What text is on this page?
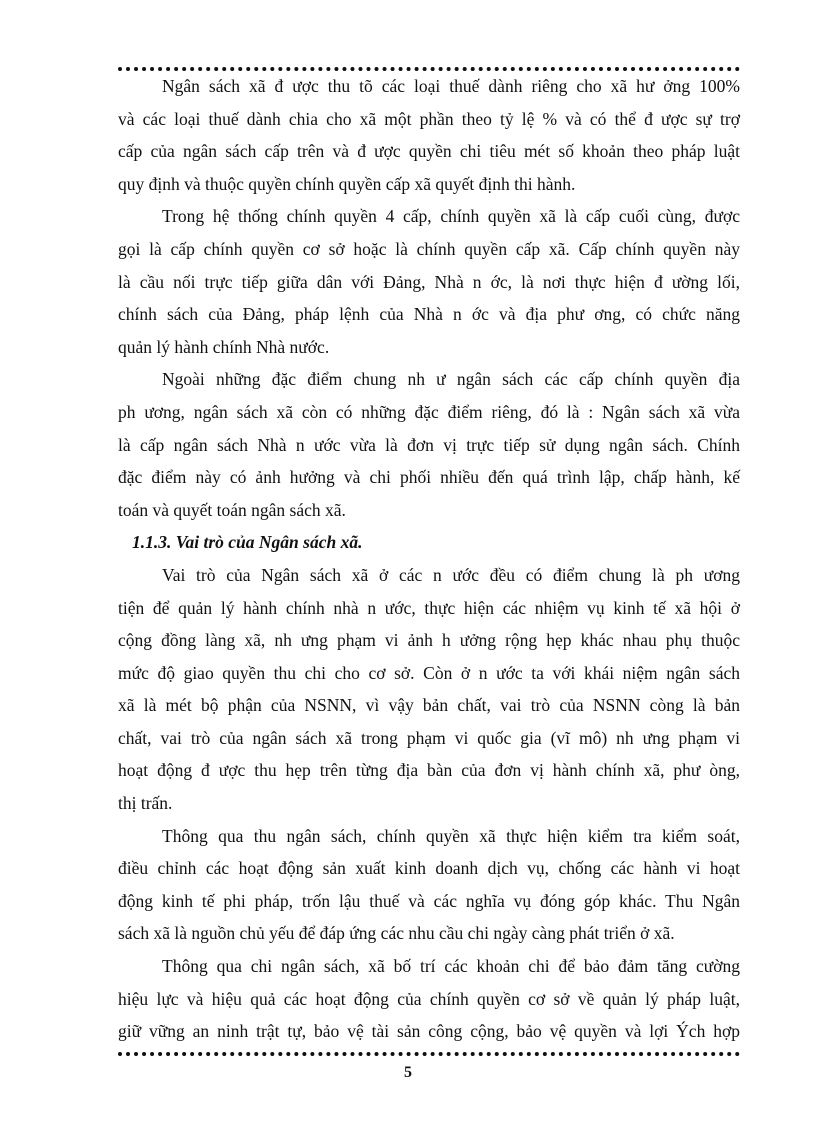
Ngân sách xã đ ược thu tõ các loại thuế dành riêng cho xã hư ởng 100%
và các loại thuế dành chia cho xã một phần theo tỷ lệ % và có thể đ ược sự trợ
cấp của ngân sách cấp trên và đ ược quyền chi tiêu mét số khoản theo pháp luật
quy định và thuộc quyền chính quyền cấp xã quyết định thi hành.
Trong hệ thống chính quyền 4 cấp, chính quyền xã là cấp cuối cùng, được
gọi là cấp chính quyền cơ sở hoặc là chính quyền cấp xã. Cấp chính quyền này
là cầu nối trực tiếp giữa dân với Đảng, Nhà n ớc, là nơi thực hiện đ ường lối,
chính sách của Đảng, pháp lệnh của Nhà n ớc và địa phư ơng, có chức năng
quản lý hành chính Nhà nước.
Ngoài những đặc điểm chung nh ư ngân sách các cấp chính quyền địa
ph ương, ngân sách xã còn có những đặc điểm riêng, đó là : Ngân sách xã vừa
là cấp ngân sách Nhà n ước vừa là đơn vị trực tiếp sử dụng ngân sách. Chính
đặc điểm này có ảnh hưởng và chi phối nhiều đến quá trình lập, chấp hành, kế
toán và quyết toán ngân sách xã.
1.1.3. Vai trò của Ngân sách xã.
Vai trò của Ngân sách xã ở các n ước đều có điểm chung là ph ương
tiện để quản lý hành chính nhà n ước, thực hiện các nhiệm vụ kinh tế xã hội ở
cộng đồng làng xã, nh ưng phạm vi ảnh h ưởng rộng hẹp khác nhau phụ thuộc
mức độ giao quyền thu chi cho cơ sở. Còn ở n ước ta với khái niệm ngân sách
xã là mét bộ phận của NSNN, vì vậy bản chất, vai trò của NSNN còng là bản
chất, vai trò của ngân sách xã trong phạm vi quốc gia (vĩ mô) nh ưng phạm vi
hoạt động đ ược thu hẹp trên từng địa bàn của đơn vị hành chính xã, phư òng,
thị trấn.
Thông qua thu ngân sách, chính quyền xã thực hiện kiểm tra kiểm soát,
điều chỉnh các hoạt động sản xuất kinh doanh dịch vụ, chống các hành vi hoạt
động kinh tế phi pháp, trốn lậu thuế và các nghĩa vụ đóng góp khác. Thu Ngân
sách xã là nguồn chủ yếu để đáp ứng các nhu cầu chi ngày càng phát triển ở xã.
Thông qua chi ngân sách, xã bố trí các khoản chi để bảo đảm tăng cường
hiệu lực và hiệu quả các hoạt động của chính quyền cơ sở về quản lý pháp luật,
giữ vững an ninh trật tự, bảo vệ tài sản công cộng, bảo vệ quyền và lợi Ých hợp
5
